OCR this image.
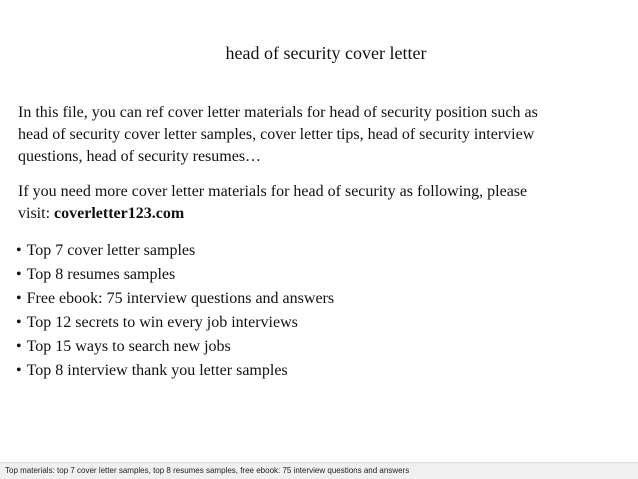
head of security cover letter
In this file, you can ref cover letter materials for head of security position such as
head of security cover letter samples, cover letter tips, head of security interview
questions, head of security resumes…
If you need more cover letter materials for head of security as following, please
visit: coverletter123.com
• Top 7 cover letter samples
• Top 8 resumes samples
• Free ebook: 75 interview questions and answers
• Top 12 secrets to win every job interviews
• Top 15 ways to search new jobs
• Top 8 interview thank you letter samples
Top materials: top 7 cover letter samples, top 8 resumes samples, free ebook: 75 interview questions and answers
